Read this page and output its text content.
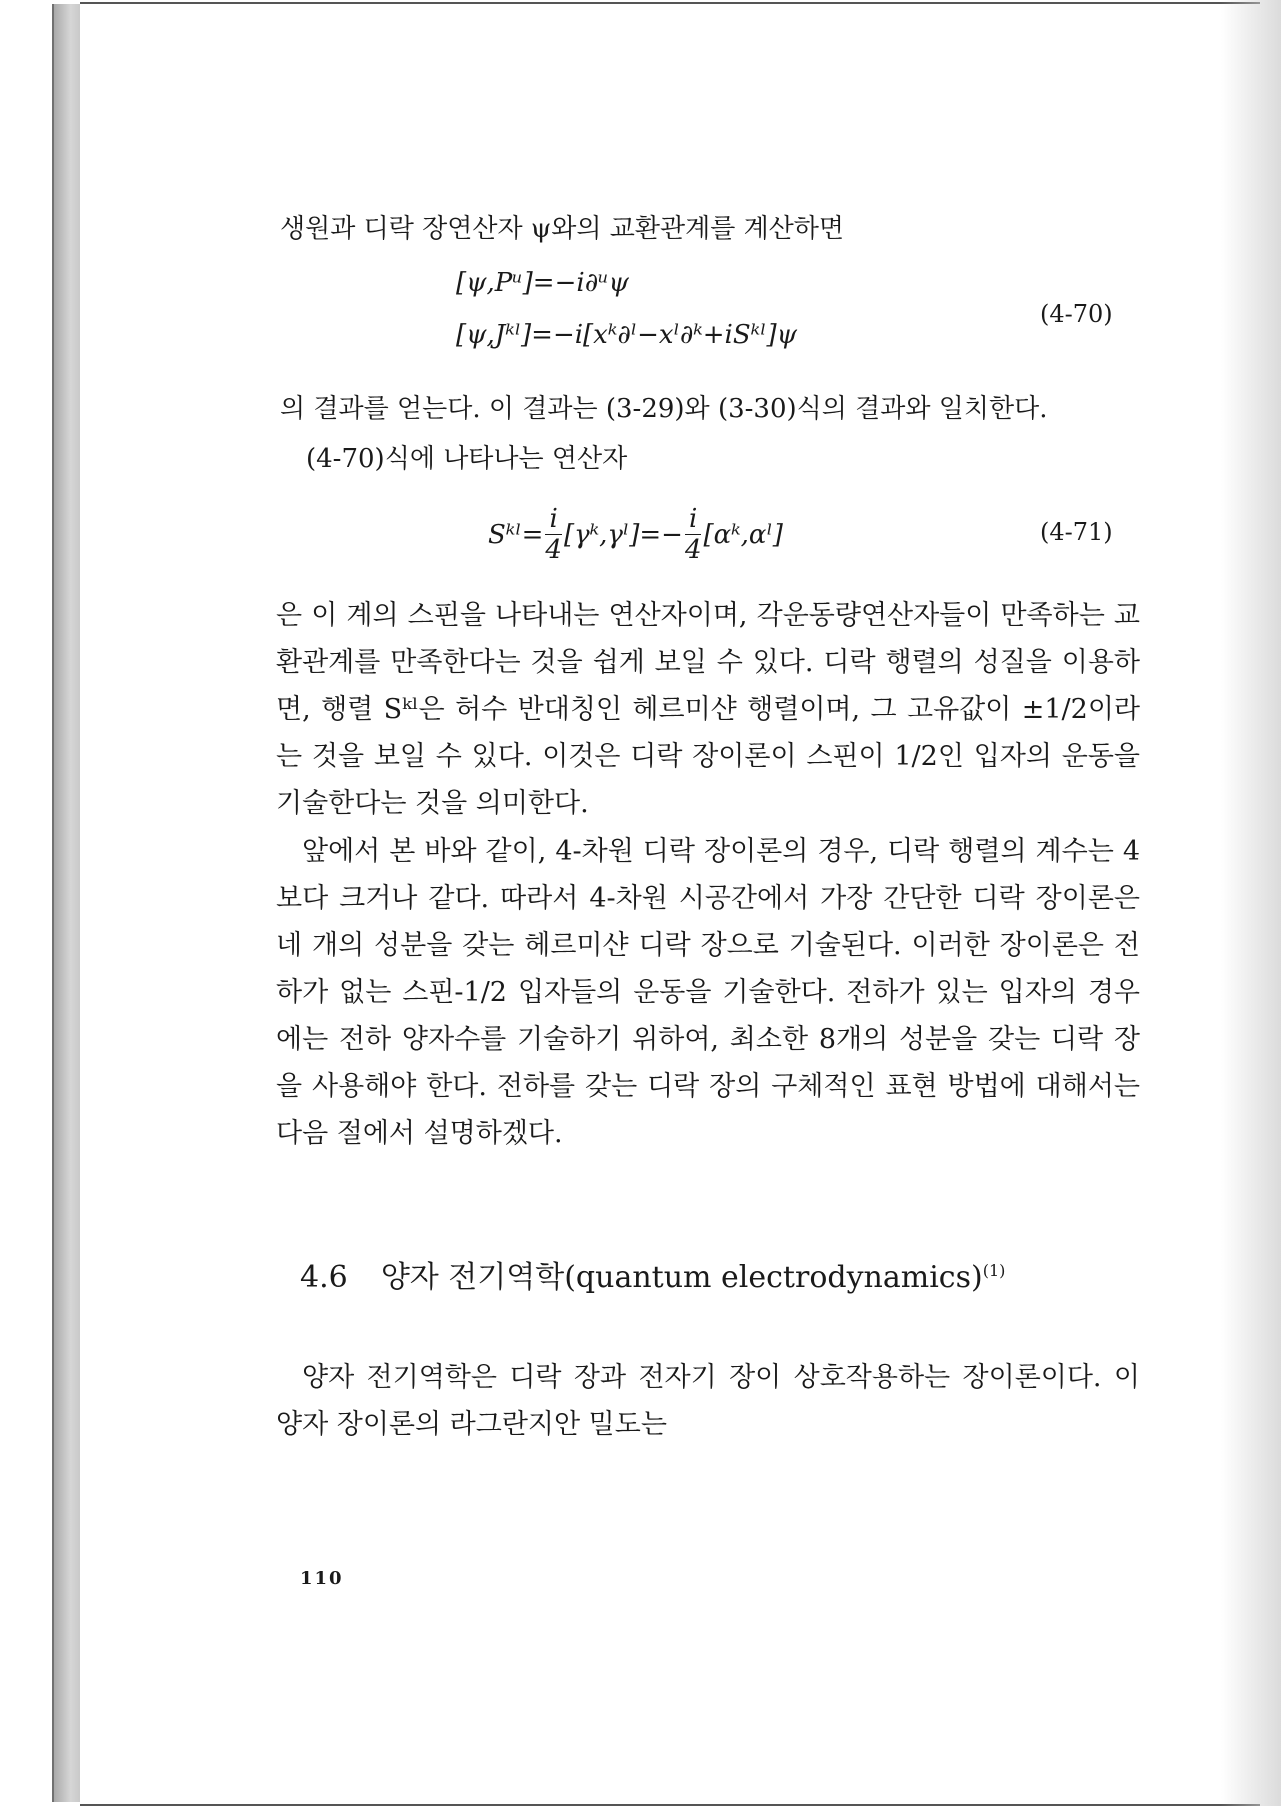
생원과 디락 장연산자 ψ와의 교환관계를 계산하면
[ψ,Pᵘ]=−i∂ᵘψ
[ψ,Jᵏˡ]=−i[xᵏ∂ˡ−xˡ∂ᵏ+iSᵏˡ]ψ
(4-70)
의 결과를 얻는다. 이 결과는 (3-29)와 (3-30)식의 결과와 일치한다.
(4-70)식에 나타나는 연산자
Sᵏˡ= $\frac{i}{4}$ [γᵏ,γˡ]=− $\frac{i}{4}$ [αᵏ,αˡ]	(4-71)
은 이 계의 스핀을 나타내는 연산자이며, 각운동량연산자들이 만족하는 교환관계를 만족한다는 것을 쉽게 보일 수 있다. 디락 행렬의 성질을 이용하면, 행렬 Sᵏˡ은 허수 반대칭인 헤르미샨 행렬이며, 그 고유값이 ±1/2이라는 것을 보일 수 있다. 이것은 디락 장이론이 스핀이 1/2인 입자의 운동을 기술한다는 것을 의미한다.
앞에서 본 바와 같이, 4-차원 디락 장이론의 경우, 디락 행렬의 계수는 4보다 크거나 같다. 따라서 4-차원 시공간에서 가장 간단한 디락 장이론은 네 개의 성분을 갖는 헤르미샨 디락 장으로 기술된다. 이러한 장이론은 전하가 없는 스핀-1/2 입자들의 운동을 기술한다. 전하가 있는 입자의 경우에는 전하 양자수를 기술하기 위하여, 최소한 8개의 성분을 갖는 디락 장을 사용해야 한다. 전하를 갖는 디락 장의 구체적인 표현 방법에 대해서는 다음 절에서 설명하겠다.
4.6 양자 전기역학(quantum electrodynamics)$^{(1)}$
양자 전기역학은 디락 장과 전자기 장이 상호작용하는 장이론이다. 이 양자 장이론의 라그란지안 밀도는
110
